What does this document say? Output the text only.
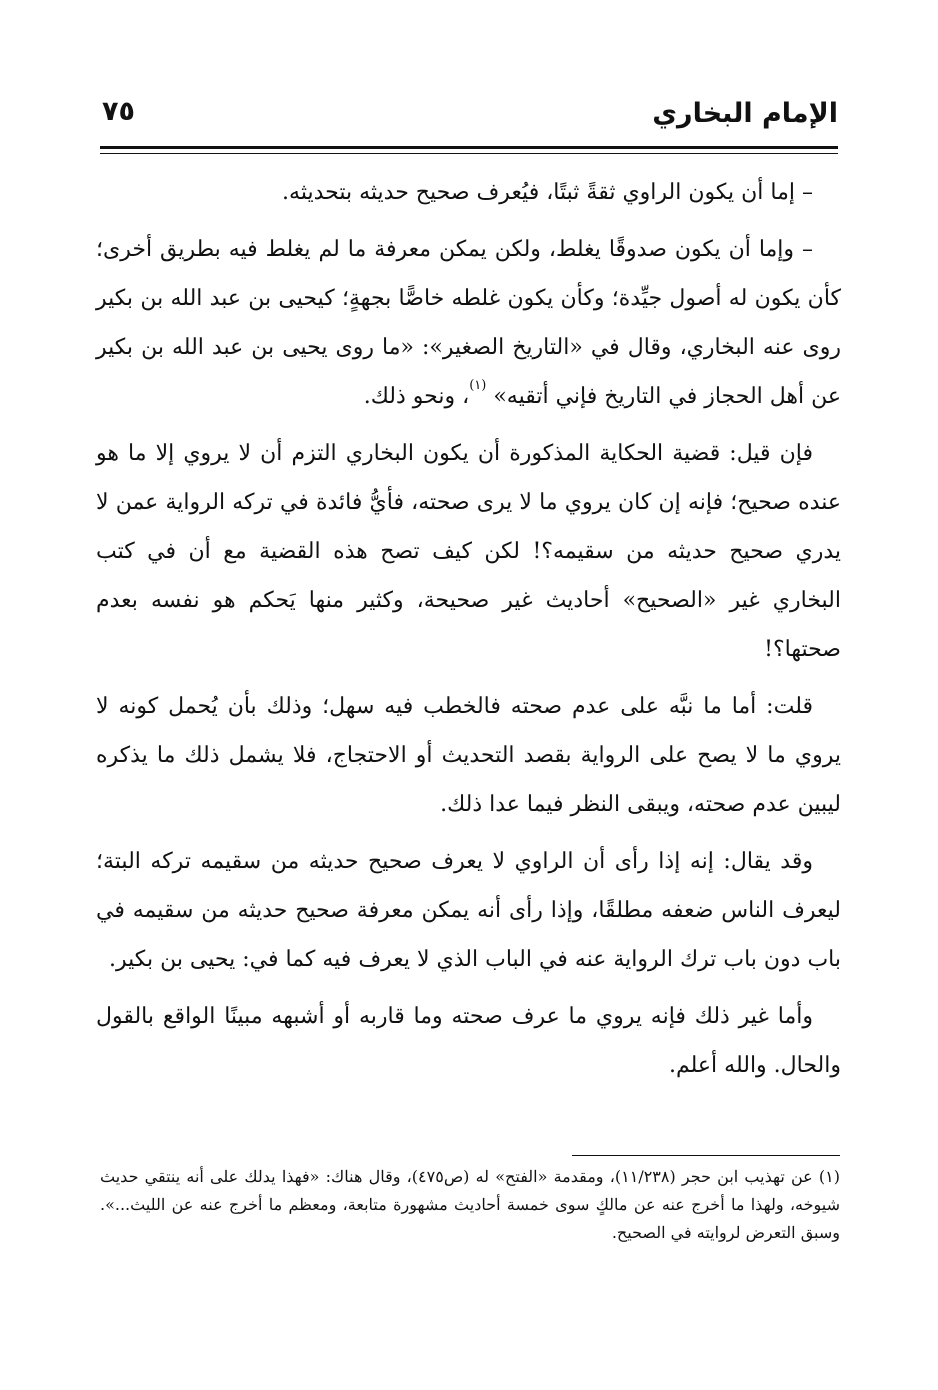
الإمام البخاري
٧٥

– إما أن يكون الراوي ثقةً ثبتًا، فيُعرف صحيح حديثه بتحديثه.

– وإما أن يكون صدوقًا يغلط، ولكن يمكن معرفة ما لم يغلط فيه بطريق أخرى؛ كأن يكون له أصول جيِّدة؛ وكأن يكون غلطه خاصًّا بجهةٍ؛ كيحيى بن عبد الله بن بكير روى عنه البخاري، وقال في «التاريخ الصغير»: «ما روى يحيى بن عبد الله بن بكير عن أهل الحجاز في التاريخ فإني أتقيه» $^{(١)}$، ونحو ذلك.

فإن قيل: قضية الحكاية المذكورة أن يكون البخاري التزم أن لا يروي إلا ما هو عنده صحيح؛ فإنه إن كان يروي ما لا يرى صحته، فأيُّ فائدة في تركه الرواية عمن لا يدري صحيح حديثه من سقيمه؟! لكن كيف تصح هذه القضية مع أن في كتب البخاري غير «الصحيح» أحاديث غير صحيحة، وكثير منها يَحكم هو نفسه بعدم صحتها؟!

قلت: أما ما نبَّه على عدم صحته فالخطب فيه سهل؛ وذلك بأن يُحمل كونه لا يروي ما لا يصح على الرواية بقصد التحديث أو الاحتجاج، فلا يشمل ذلك ما يذكره ليبين عدم صحته، ويبقى النظر فيما عدا ذلك.

وقد يقال: إنه إذا رأى أن الراوي لا يعرف صحيح حديثه من سقيمه تركه البتة؛ ليعرف الناس ضعفه مطلقًا، وإذا رأى أنه يمكن معرفة صحيح حديثه من سقيمه في باب دون باب ترك الرواية عنه في الباب الذي لا يعرف فيه كما في: يحيى بن بكير.

وأما غير ذلك فإنه يروي ما عرف صحته وما قاربه أو أشبهه مبينًا الواقع بالقول والحال. والله أعلم.

(١) عن تهذيب ابن حجر (١١/٢٣٨)، ومقدمة «الفتح» له (ص٤٧٥)، وقال هناك: «فهذا يدلك على أنه ينتقي حديث شيوخه، ولهذا ما أخرج عنه عن مالكٍ سوى خمسة أحاديث مشهورة متابعة، ومعظم ما أخرج عنه عن الليث...». وسبق التعرض لروايته في الصحيح.
